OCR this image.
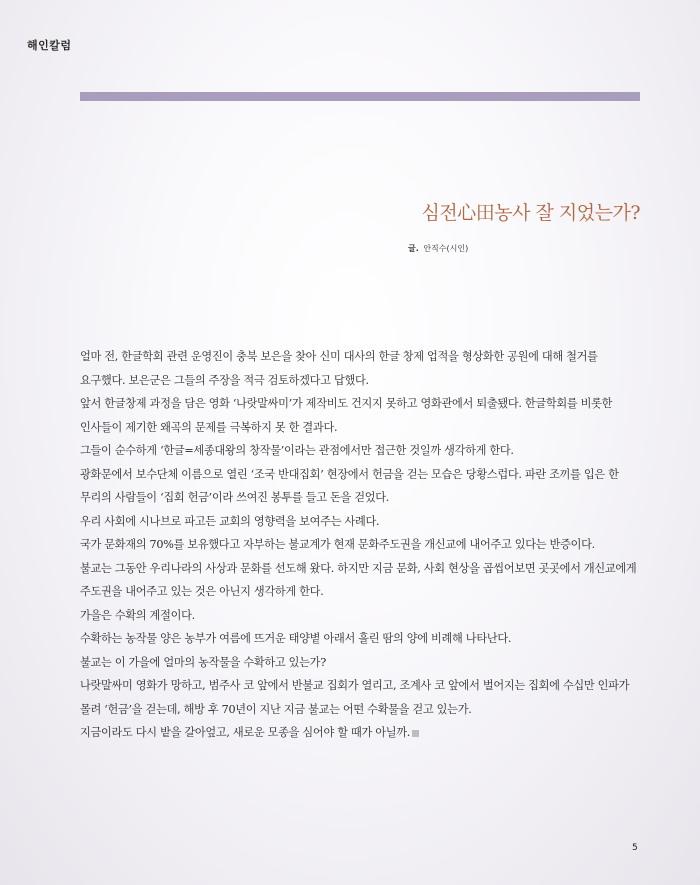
해인칼럼
심전心田농사 잘 지었는가?
글. 안직수(시인)

얼마 전, 한글학회 관련 운영진이 충북 보은을 찾아 신미 대사의 한글 창제 업적을 형상화한 공원에 대해 철거를 요구했다. 보은군은 그들의 주장을 적극 검토하겠다고 답했다.

앞서 한글창제 과정을 담은 영화 ‘나랏말싸미’가 제작비도 건지지 못하고 영화관에서 퇴출됐다. 한글학회를 비롯한 인사들이 제기한 왜곡의 문제를 극복하지 못 한 결과다.

그들이 순수하게 ‘한글=세종대왕의 창작물’이라는 관점에서만 접근한 것일까 생각하게 한다.

광화문에서 보수단체 이름으로 열린 ‘조국 반대집회’ 현장에서 헌금을 걷는 모습은 당황스럽다. 파란 조끼를 입은 한 무리의 사람들이 ‘집회 헌금’이라 쓰여진 봉투를 들고 돈을 걷었다.

우리 사회에 시나브로 파고든 교회의 영향력을 보여주는 사례다.

국가 문화재의 70%를 보유했다고 자부하는 불교계가 현재 문화주도권을 개신교에 내어주고 있다는 반증이다.

불교는 그동안 우리나라의 사상과 문화를 선도해 왔다. 하지만 지금 문화, 사회 현상을 곱씹어보면 곳곳에서 개신교에게 주도권을 내어주고 있는 것은 아닌지 생각하게 한다.

가을은 수확의 계절이다.

수확하는 농작물 양은 농부가 여름에 뜨거운 태양볕 아래서 흘린 땀의 양에 비례해 나타난다.

불교는 이 가을에 얼마의 농작물을 수확하고 있는가?

나랏말싸미 영화가 망하고, 범주사 코 앞에서 반불교 집회가 열리고, 조계사 코 앞에서 벌어지는 집회에 수십만 인파가 몰려 ‘헌금’을 걷는데, 해방 후 70년이 지난 지금 불교는 어떤 수확물을 걷고 있는가.

지금이라도 다시 밭을 갈아엎고, 새로운 모종을 심어야 할 때가 아닐까.

5
